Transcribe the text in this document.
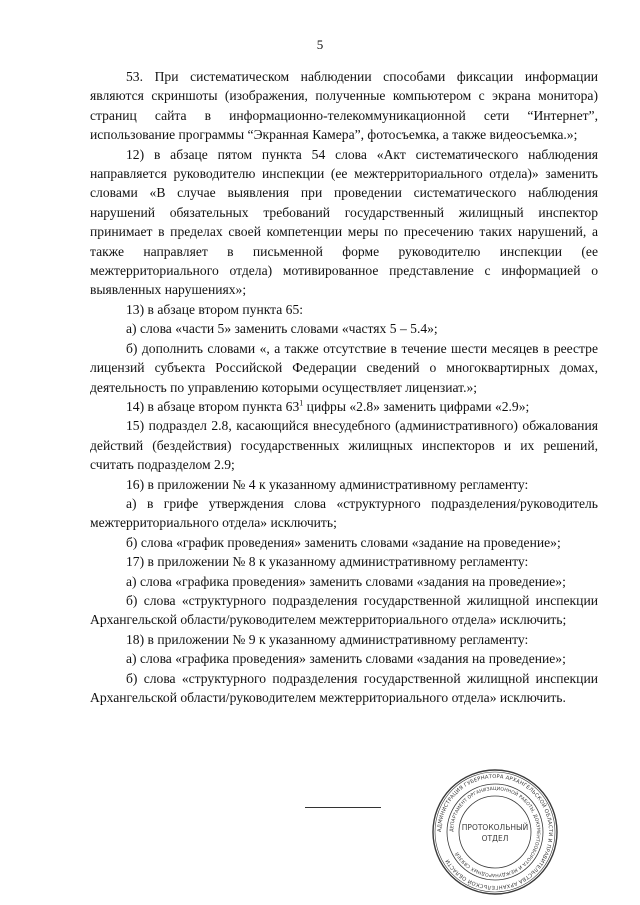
5

53. При систематическом наблюдении способами фиксации информации являются скриншоты (изображения, полученные компьютером с экрана монитора) страниц сайта в информационно-телекоммуникационной сети “Интернет”, использование программы “Экранная Камера”, фотосъемка, а также видеосъемка.»;

12) в абзаце пятом пункта 54 слова «Акт систематического наблюдения направляется руководителю инспекции (ее межтерриториального отдела)» заменить словами «В случае выявления при проведении систематического наблюдения нарушений обязательных требований государственный жилищный инспектор принимает в пределах своей компетенции меры по пресечению таких нарушений, а также направляет в письменной форме руководителю инспекции (ее межтерриториального отдела) мотивированное представление с информацией о выявленных нарушениях»;

13) в абзаце втором пункта 65:

а) слова «части 5» заменить словами «частях 5 – 5.4»;

б) дополнить словами «, а также отсутствие в течение шести месяцев в реестре лицензий субъекта Российской Федерации сведений о многоквартирных домах, деятельность по управлению которыми осуществляет лицензиат.»;

14) в абзаце втором пункта $63^1$ цифры «2.8» заменить цифрами «2.9»;

15) подраздел 2.8, касающийся внесудебного (административного) обжалования действий (бездействия) государственных жилищных инспекторов и их решений, считать подразделом 2.9;

16) в приложении № 4 к указанному административному регламенту:

а) в грифе утверждения слова «структурного подразделения/руководитель межтерриториального отдела» исключить;

б) слова «график проведения» заменить словами «задание на проведение»;

17) в приложении № 8 к указанному административному регламенту:

а) слова «графика проведения» заменить словами «задания на проведение»;

б) слова «структурного подразделения государственной жилищной инспекции Архангельской области/руководителем межтерриториального отдела» исключить;

18) в приложении № 9 к указанному административному регламенту:

а) слова «графика проведения» заменить словами «задания на проведение»;

б) слова «структурного подразделения государственной жилищной инспекции Архангельской области/руководителем межтерриториального отдела» исключить.

АДМИНИСТРАЦИЯ ГУБЕРНАТОРА АРХАНГЕЛЬСКОЙ ОБЛАСТИ И ПРАВИТЕЛЬСТВА АРХАНГЕЛЬСКОЙ ОБЛАСТИ
ДЕПАРТАМЕНТ ОРГАНИЗАЦИОННОЙ РАБОТЫ, ДОКУМЕНТООБОРОТА И МЕЖДУНАРОДНЫХ СВЯЗЕЙ
ПРОТОКОЛЬНЫЙ
ОТДЕЛ
